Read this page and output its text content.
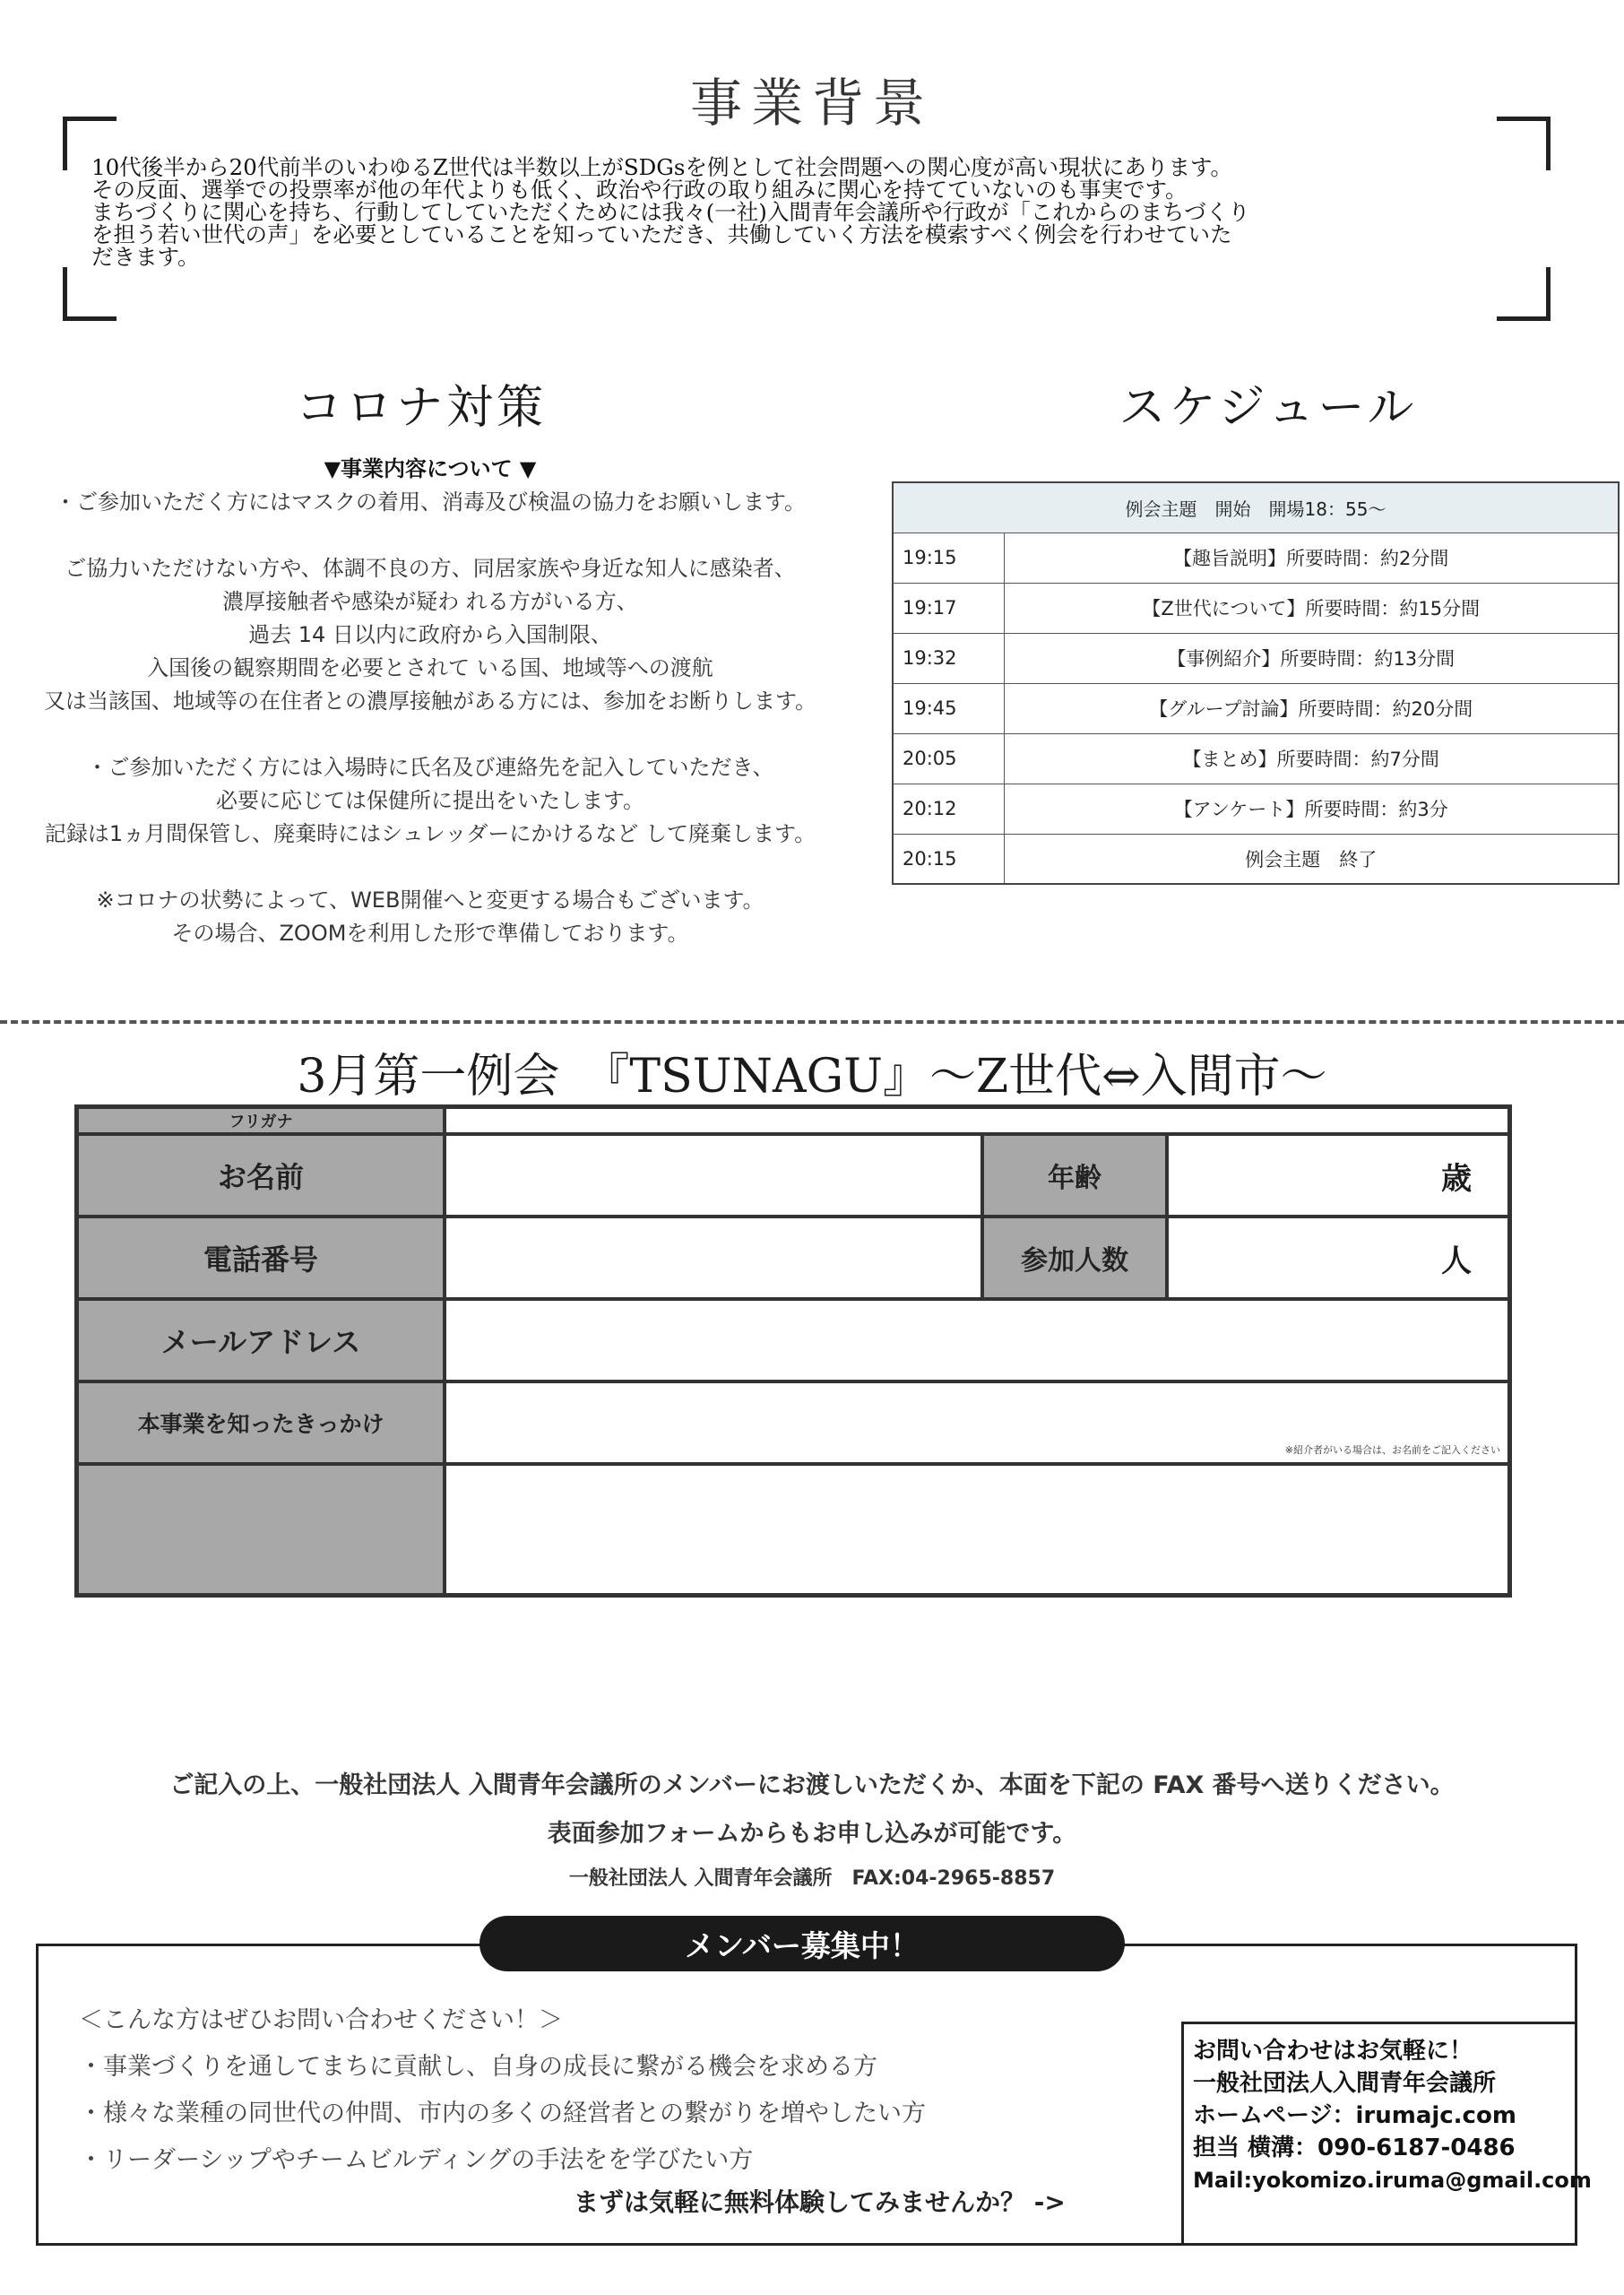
事業背景
10代後半から20代前半のいわゆるZ世代は半数以上がSDGsを例として社会問題への関心度が高い現状にあります。
その反面、選挙での投票率が他の年代よりも低く、政治や行政の取り組みに関心を持てていないのも事実です。
まちづくりに関心を持ち、行動してしていただくためには我々(一社)入間青年会議所や行政が「これからのまちづくり
を担う若い世代の声」を必要としていることを知っていただき、共働していく方法を模索すべく例会を行わせていた
だきます。
コロナ対策

▼事業内容について ▼

・ご参加いただく方にはマスクの着用、消毒及び検温の協力をお願いします。

ご協力いただけない方や、体調不良の方、同居家族や身近な知人に感染者、

濃厚接触者や感染が疑わ れる方がいる方、

過去 14 日以内に政府から入国制限、

入国後の観察期間を必要とされて いる国、地域等への渡航

又は当該国、地域等の在住者との濃厚接触がある方には、参加をお断りします。

・ご参加いただく方には入場時に氏名及び連絡先を記入していただき、

必要に応じては保健所に提出をいたします。

記録は1ヵ月間保管し、廃棄時にはシュレッダーにかけるなど して廃棄します。

※コロナの状勢によって、WEB開催へと変更する場合もございます。

その場合、ZOOMを利用した形で準備しております。

スケジュール
例会主題　開始　開場18：55～	
19:15	【趣旨説明】所要時間：約2分間
19:17	【Z世代について】所要時間：約15分間
19:32	【事例紹介】所要時間：約13分間
19:45	【グループ討論】所要時間：約20分間
20:05	【まとめ】所要時間：約7分間
20:12	【アンケート】所要時間：約3分
20:15	例会主題　終了
3月第一例会　『TSUNAGU』～Z世代⇔入間市～
フリガナ
お名前	年齢	歳
電話番号	参加人数	人
メールアドレス
本事業を知ったきっかけ
※紹介者がいる場合は、お名前をご記入ください
ご記入の上、一般社団法人 入間青年会議所のメンバーにお渡しいただくか、本面を下記の FAX 番号へ送りください。
表面参加フォームからもお申し込みが可能です。
一般社団法人 入間青年会議所　FAX:04-2965-8857
メンバー募集中！
＜こんな方はぜひお問い合わせください！＞
・事業づくりを通してまちに貢献し、自身の成長に繋がる機会を求める方
・様々な業種の同世代の仲間、市内の多くの経営者との繋がりを増やしたい方
・リーダーシップやチームビルディングの手法をを学びたい方
まずは気軽に無料体験してみませんか？ ->
お問い合わせはお気軽に！
一般社団法人入間青年会議所
ホームページ：irumajc.com
担当 横溝：090-6187-0486
Mail:yokomizo.iruma@gmail.com
